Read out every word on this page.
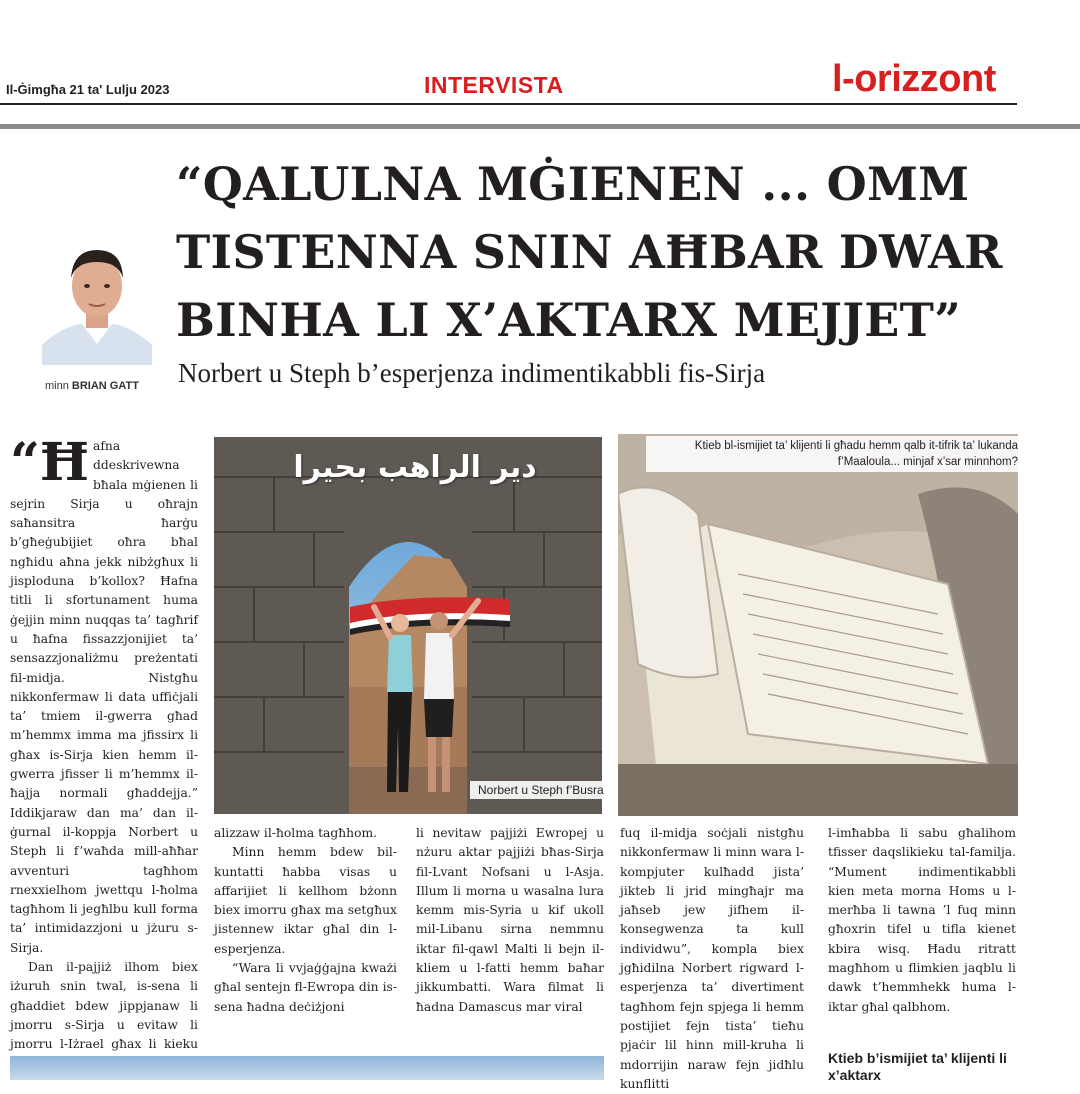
Il-Ġimgħa 21 ta' Lulju 2023	INTERVISTA	l-orizzont
“QALULNA MĠIENEN ... OMM TISTENNA SNIN AĦBAR DWAR BINHA LI X’AKTARX MEJJET”
Norbert u Steph b’esperjenza indimentikabbli fis-Sirja
minn BRIAN GATT

“Ħafna ddeskrivewna bħala mġienen li sejrin Sirja u oħrajn saħansitra ħarġu b’għeġubijiet oħra bħal ngħidu aħna jekk nibżgħux li jisploduna b’kollox? Ħafna titli li sfortunament huma ġejjin minn nuqqas ta’ tagħrif u ħafna fissazzjonijiet ta’ sensazzjonaliżmu preżentati fil-midja. Nistgħu nikkonfermaw li data uffiċjali ta’ tmiem il-gwerra għad m’hemmx imma ma jfissirx li għax is-Sirja kien hemm il-gwerra jfisser li m’hemmx il-ħajja normali għaddejja.” Iddikjaraw dan ma’ dan il-ġurnal il-koppja Norbert u Steph li f’waħda mill-aħħar avventuri tagħhom rnexxielhom jwettqu l-ħolma tagħhom li jegħlbu kull forma ta’ intimidazzjoni u jżuru s-Sirja.

Dan il-pajjiż ilhom biex iżuruh snin twal, is-sena li għaddiet bdew jippjanaw li jmorru s-Sirja u evitaw li jmorru l-Iżrael għax li kieku

Norbert u Steph f’Busra
دير الراهب بحيرا
Ktieb bl-ismijiet ta’ klijenti li għadu hemm qalb it-tifrik ta’ lukanda f’Maaloula... minjaf x’sar minnhom?

alizzaw il-ħolma tagħhom.

Minn hemm bdew bil-kuntatti ħabba visas u affarijiet li kellhom bżonn biex imorru għax ma setgħux jistennew iktar għal din l-esperjenza.

“Wara li vvjaġġajna kważi għal sentejn fl-Ewropa din is-sena ħadna deċiżjoni

li nevitaw pajjiżi Ewropej u nżuru aktar pajjiżi bħas-Sirja fil-Lvant Nofsani u l-Asja. Illum li morna u wasalna lura kemm mis-Syria u kif ukoll mil-Libanu sirna nemmnu iktar fil-qawl Malti li bejn il-kliem u l-fatti hemm baħar jikkumbatti. Wara filmat li ħadna Damascus mar viral

fuq il-midja soċjali nistgħu nikkonfermaw li minn wara l-kompjuter kulħadd jista’ jikteb li jrid mingħajr ma jaħseb jew jifhem il-konsegwenza ta kull individwu”, kompla biex jgħidilna Norbert rigward l-esperjenza ta’ divertiment tagħhom fejn spjega li hemm postijiet fejn tista’ tieħu pjaċir lil hinn mill-kruha li mdorrijin naraw fejn jidħlu kunflitti

l-imħabba li sabu għalihom tfisser daqslikieku tal-familja. “Mument indimentikabbli kien meta morna Homs u l-merħba li tawna ’l fuq minn għoxrin tifel u tifla kienet kbira wisq. Ħadu ritratt magħhom u flimkien jaqblu li dawk t’hemmhekk huma l-iktar għal qalbhom.

Ktieb b’ismijiet ta’ klijenti li x’aktarx
